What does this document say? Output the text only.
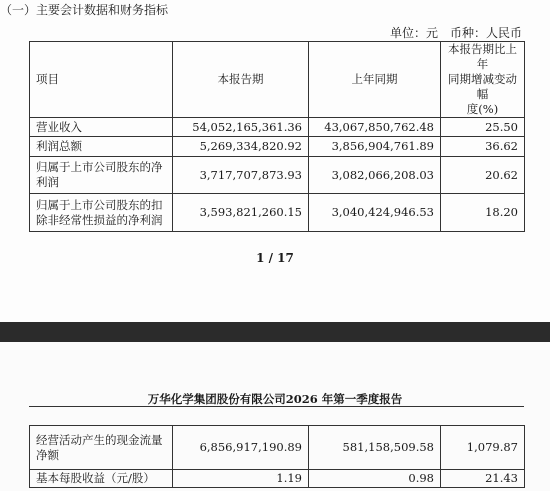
（一）主要会计数据和财务指标
单位：元　币种：人民币
项目	本报告期	上年同期	本报告期比上年
同期增减变动幅
度(%)

营业收入	54,052,165,361.36	43,067,850,762.48	25.50
利润总额	5,269,334,820.92	3,856,904,761.89	36.62

归属于上市公司股东的净
利润	3,717,707,873.93	3,082,066,208.03	20.62

归属于上市公司股东的扣
除非经常性损益的净利润	3,593,821,260.15	3,040,424,946.53	18.20
1 / 17
万华化学集团股份有限公司2026 年第一季度报告
经营活动产生的现金流量
净额	6,856,917,190.89	581,158,509.58	1,079.87
基本每股收益（元/股）	1.19	0.98	21.43
